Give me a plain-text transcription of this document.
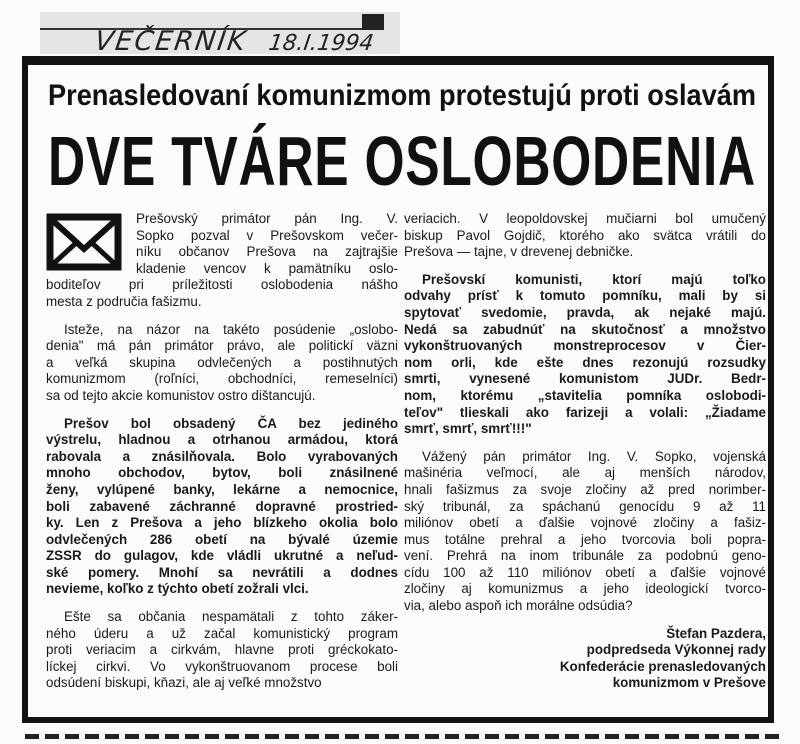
VEČERNÍK 18.I.1994
Prenasledovaní komunizmom protestujú proti oslavám
DVE TVÁRE OSLOBODENIA
Prešovský primátor pán Ing. V.
Sopko pozval v Prešovskom večer-
níku občanov Prešova na zajtrajšie
kladenie vencov k pamätníku oslo-
boditeľov pri príležitosti oslobodenia nášho
mesta z područia fašizmu.
Isteže, na názor na takéto posúdenie „oslobo-
denia" má pán primátor právo, ale politickí väzni
a veľká skupina odvlečených a postihnutých
komunizmom (roľníci, obchodníci, remeselníci)
sa od tejto akcie komunistov ostro dištancujú.
Prešov bol obsadený ČA bez jediného
výstrelu, hladnou a otrhanou armádou, ktorá
rabovala a znásilňovala. Bolo vyrabovaných
mnoho obchodov, bytov, boli znásilnené
ženy, vylúpené banky, lekárne a nemocnice,
boli zabavené záchranné dopravné prostried-
ky. Len z Prešova a jeho blízkeho okolia bolo
odvlečených 286 obetí na bývalé územie
ZSSR do gulagov, kde vládli ukrutné a neľud-
ské pomery. Mnohí sa nevrátili a dodnes
nevieme, koľko z týchto obetí zožrali vlci.
Ešte sa občania nespamätali z tohto záker-
ného úderu a už začal komunistický program
proti veriacim a cirkvám, hlavne proti gréckokato-
líckej cirkvi. Vo vykonštruovanom procese boli
odsúdení biskupi, kňazi, ale aj veľké množstvo
veriacich. V leopoldovskej mučiarni bol umučený
biskup Pavol Gojdič, ktorého ako svätca vrátili do
Prešova — tajne, v drevenej debničke.
Prešovskí komunisti, ktorí majú toľko
odvahy prísť k tomuto pomníku, mali by si
spytovať svedomie, pravda, ak nejaké majú.
Nedá sa zabudnúť na skutočnosť a množstvo
vykonštruovaných monstreprocesov v Čier-
nom orli, kde ešte dnes rezonujú rozsudky
smrti, vynesené komunistom JUDr. Bedr-
nom, ktorému „stavitelia pomníka oslobodi-
teľov" tlieskali ako farizeji a volali: „Žiadame
smrť, smrť, smrť!!!"
Vážený pán primátor Ing. V. Sopko, vojenská
mašinéria veľmocí, ale aj menších národov,
hnali fašizmus za svoje zločiny až pred norimber-
ský tribunál, za spáchanú genocídu 9 až 11
miliónov obetí a ďalšie vojnové zločiny a fašiz-
mus totálne prehral a jeho tvorcovia boli popra-
vení. Prehrá na inom tribunále za podobnú geno-
cídu 100 až 110 miliónov obetí a ďalšie vojnové
zločiny aj komunizmus a jeho ideologickí tvorco-
via, alebo aspoň ich morálne odsúdia?
Štefan Pazdera,
podpredseda Výkonnej rady
Konfederácie prenasledovaných
komunizmom v Prešove
